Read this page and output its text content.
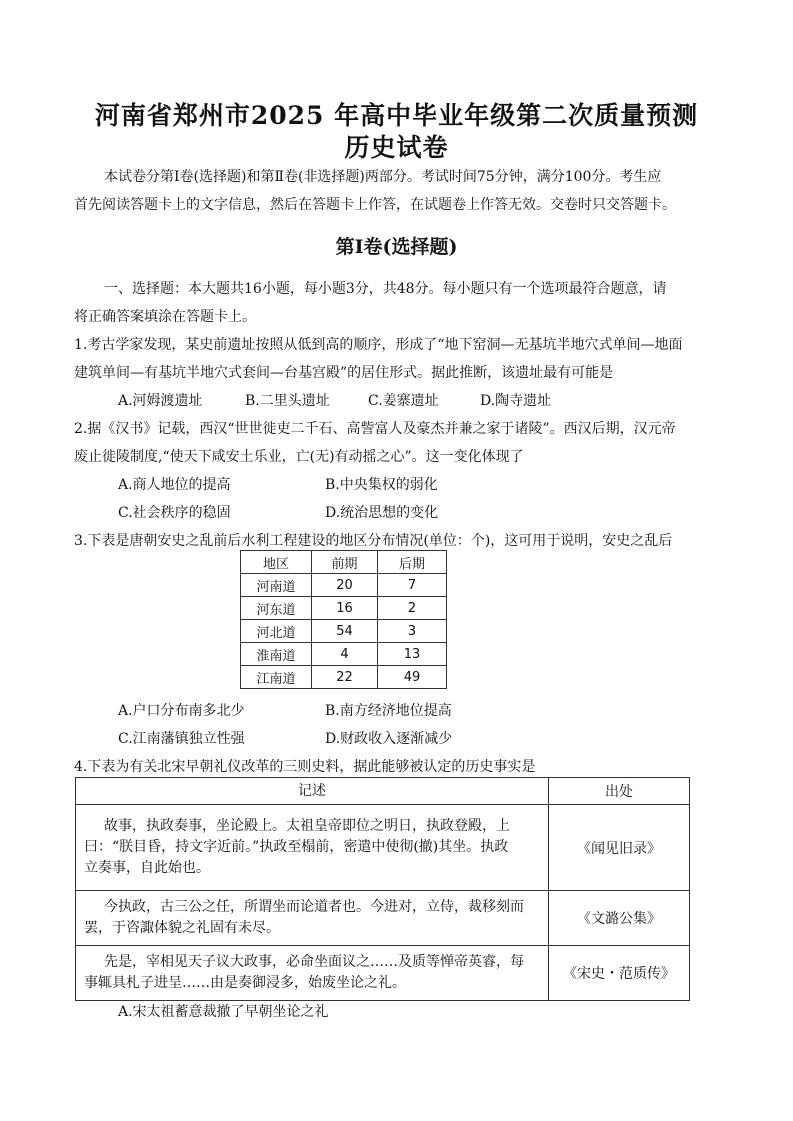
河南省郑州市2025 年高中毕业年级第二次质量预测
历史试卷
本试卷分第Ⅰ卷(选择题)和第Ⅱ卷(非选择题)两部分。考试时间75分钟，满分100分。考生应
首先阅读答题卡上的文字信息，然后在答题卡上作答，在试题卷上作答无效。交卷时只交答题卡。
第Ⅰ卷(选择题)
一、选择题：本大题共16小题，每小题3分，共48分。每小题只有一个选项最符合题意，请
将正确答案填涂在答题卡上。
1.考古学家发现，某史前遗址按照从低到高的顺序，形成了“地下窑洞—无基坑半地穴式单间—地面
建筑单间—有基坑半地穴式套间—台基宫殿”的居住形式。据此推断，该遗址最有可能是
A.河姆渡遗址	B.二里头遗址	C.姜寨遗址	D.陶寺遗址
2.据《汉书》记载，西汉“世世徙吏二千石、高訾富人及豪杰并兼之家于诸陵”。西汉后期，汉元帝
废止徙陵制度,“使天下咸安土乐业，亡(无)有动摇之心”。这一变化体现了
A.商人地位的提高	B.中央集权的弱化
C.社会秩序的稳固	D.统治思想的变化
3.下表是唐朝安史之乱前后水利工程建设的地区分布情况(单位：个)，这可用于说明，安史之乱后
地区	前期	后期
河南道	20	7
河东道	16	2
河北道	54	3
淮南道	4	13
江南道	22	49
A.户口分布南多北少	B.南方经济地位提高
C.江南藩镇独立性强	D.财政收入逐渐减少
4.下表为有关北宋早朝礼仪改革的三则史料，据此能够被认定的历史事实是
记述	出处

故事，执政奏事，坐论殿上。太祖皇帝即位之明日，执政登殿，上
曰：“朕目昏，持文字近前。”执政至榻前，密遣中使彻(撤)其坐。执政
立奏事，自此始也。	《闻见旧录》

今执政，古三公之任，所谓坐而论道者也。今进对，立侍，裁移刻而
罢，于咨諏体貌之礼固有未尽。	《文潞公集》

先是，宰相见天子议大政事，必命坐面议之……及质等惮帝英睿，每
事辄具札子进呈……由是奏御浸多，始废坐论之礼。	《宋史・范质传》
A.宋太祖蓄意裁撤了早朝坐论之礼
